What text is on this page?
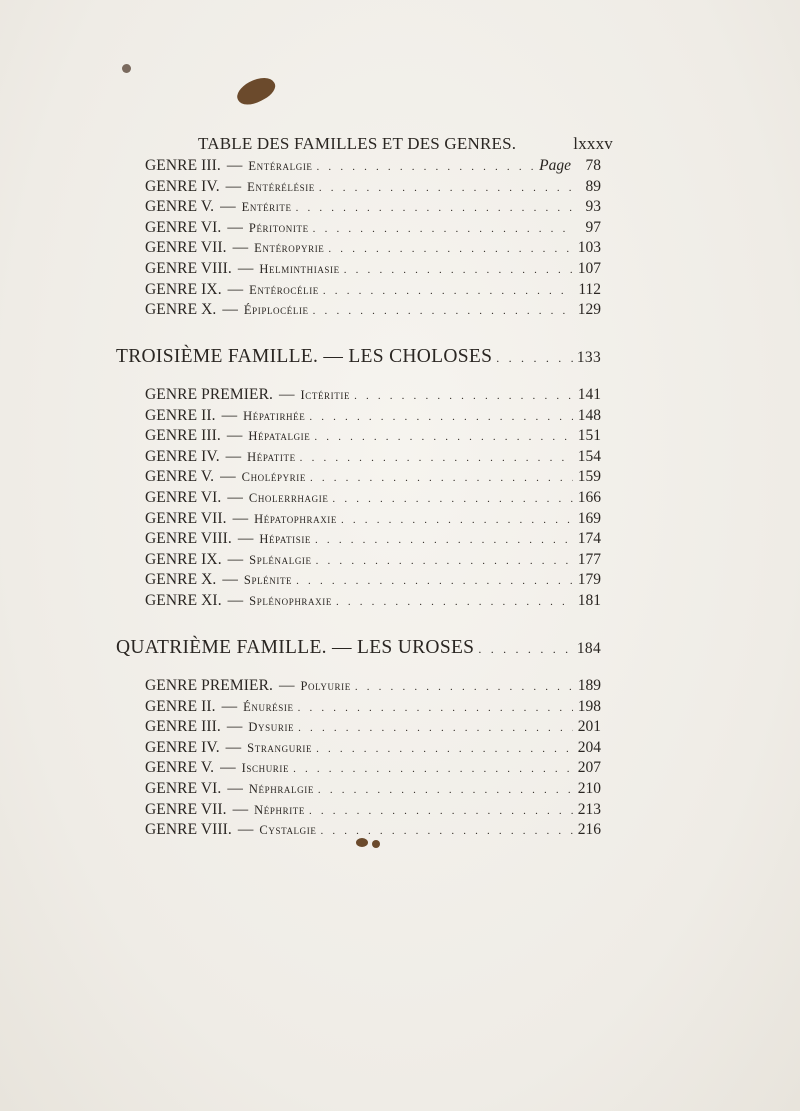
TABLE DES FAMILLES ET DES GENRES.	lxxxv
GENRE III. — Entéralgie . . .	Page 78
GENRE IV. — Entérélésie . . .	89
GENRE V. — Entérite . . .	93
GENRE VI. — Péritonite . . .	97
GENRE VII. — Entéropyrie . . .	103
GENRE VIII. — Helminthiasie . . .	107
GENRE IX. — Entérocélie . . .	112
GENRE X. — Épiplocélie . . .	129
TROISIÈME FAMILLE. — LES CHOLOSES . . .	133
GENRE PREMIER. — Ictéritie . . .	141
GENRE II. — Hépatirhée . . .	148
GENRE III. — Hépatalgie . . .	151
GENRE IV. — Hépatite . . .	154
GENRE V. — Cholépyrie . . .	159
GENRE VI. — Cholerrhagie . . .	166
GENRE VII. — Hépatophraxie . . .	169
GENRE VIII. — Hépatisie . . .	174
GENRE IX. — Splénalgie . . .	177
GENRE X. — Splénite . . .	179
GENRE XI. — Splénophraxie . . .	181
QUATRIÈME FAMILLE. — LES UROSES . . .	184
GENRE PREMIER. — Polyurie . . .	189
GENRE II. — Énurésie . . .	198
GENRE III. — Dysurie . . .	201
GENRE IV. — Strangurie . . .	204
GENRE V. — Ischurie . . .	207
GENRE VI. — Néphralgie . . .	210
GENRE VII. — Néphrite . . .	213
GENRE VIII. — Cystalgie . . .	216
